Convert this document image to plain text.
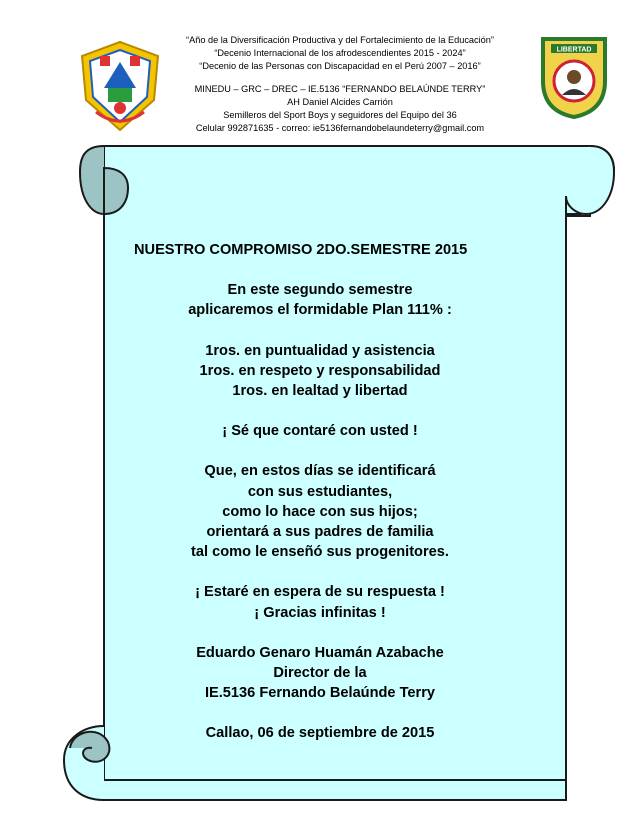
LIBERTAD
“Año de la Diversificación Productiva y del Fortalecimiento de la Educación”
“Decenio Internacional de los afrodescendientes 2015 - 2024”
“Decenio de las Personas con Discapacidad en el Perú 2007 – 2016”
MINEDU – GRC – DREC – IE.5136 “FERNANDO BELAÚNDE TERRY”
AH Daniel Alcides Carrión
Semilleros del Sport Boys y seguidores del Equipo del 36
Celular 992871635 - correo: ie5136fernandobelaundeterry@gmail.com

NUESTRO COMPROMISO 2DO.SEMESTRE 2015

En este segundo semestre

aplicaremos el formidable Plan 111% :

1ros. en puntualidad y asistencia

1ros. en respeto y responsabilidad

1ros. en lealtad y libertad

¡ Sé que contaré con usted !

Que, en estos días se identificará

con sus estudiantes,

como lo hace con sus hijos;

orientará a sus padres de familia

tal como le enseñó sus progenitores.

¡ Estaré en espera de su respuesta !

¡ Gracias infinitas !

Eduardo Genaro Huamán Azabache

Director de la

IE.5136 Fernando Belaúnde Terry

Callao, 06 de septiembre de 2015
